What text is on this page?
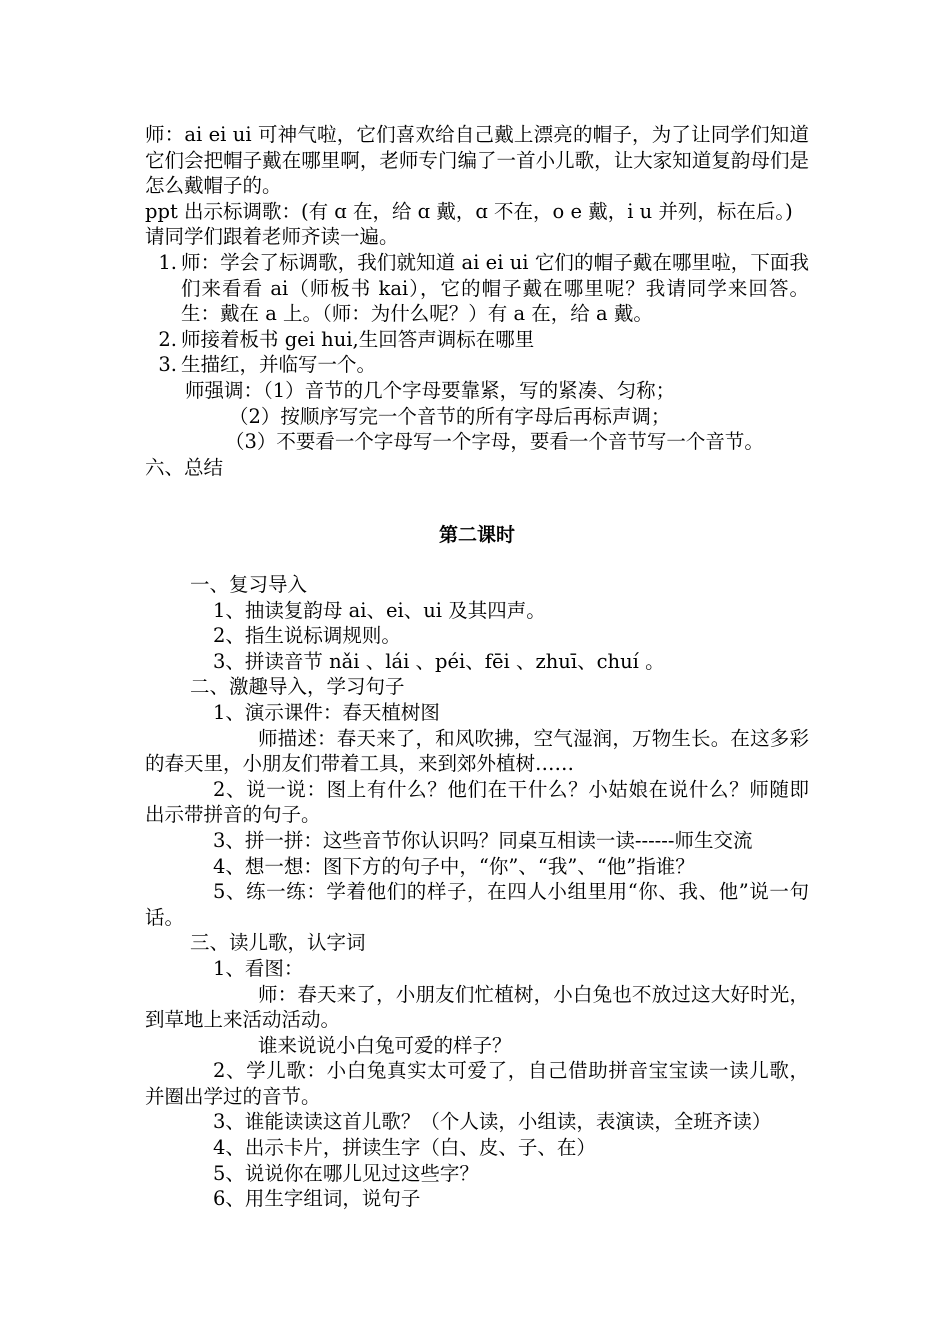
师：ai ei ui 可神气啦，它们喜欢给自己戴上漂亮的帽子，为了让同学们知道它们会把帽子戴在哪里啊，老师专门编了一首小儿歌，让大家知道复韵母们是怎么戴帽子的。

ppt 出示标调歌：(有 ɑ 在，给 ɑ 戴，ɑ 不在，o e 戴，i u 并列，标在后。)

请同学们跟着老师齐读一遍。

1. 师：学会了标调歌，我们就知道 ai ei ui 它们的帽子戴在哪里啦，下面我们来看看 ai（师板书 kai），它的帽子戴在哪里呢？我请同学来回答。 生：戴在 a 上。（师：为什么呢？）有 a 在，给 a 戴。
2. 师接着板书 gei hui,生回答声调标在哪里
3. 生描红，并临写一个。

师强调：（1）音节的几个字母要靠紧，写的紧凑、匀称；

（2）按顺序写完一个音节的所有字母后再标声调；

（3）不要看一个字母写一个字母，要看一个音节写一个音节。

六、总结

第二课时

一、复习导入

1、抽读复韵母 ai、ei、ui 及其四声。

2、指生说标调规则。

3、拼读音节 nǎi 、lái 、péi、fēi 、zhuī、chuí 。

二、激趣导入，学习句子

1、演示课件：春天植树图

师描述：春天来了，和风吹拂，空气湿润，万物生长。在这多彩的春天里，小朋友们带着工具，来到郊外植树……

2、说一说：图上有什么？他们在干什么？小姑娘在说什么？师随即出示带拼音的句子。

3、拼一拼：这些音节你认识吗？同桌互相读一读------师生交流

4、想一想：图下方的句子中，“你”、“我”、“他”指谁？

5、练一练：学着他们的样子，在四人小组里用“你、我、他”说一句话。

三、读儿歌，认字词

1、看图：

师：春天来了，小朋友们忙植树，小白兔也不放过这大好时光，到草地上来活动活动。

谁来说说小白兔可爱的样子？

2、学儿歌：小白兔真实太可爱了，自己借助拼音宝宝读一读儿歌，并圈出学过的音节。

3、谁能读读这首儿歌？（个人读，小组读，表演读，全班齐读）

4、出示卡片，拼读生字（白、皮、子、在）

5、说说你在哪儿见过这些字？

6、用生字组词，说句子
